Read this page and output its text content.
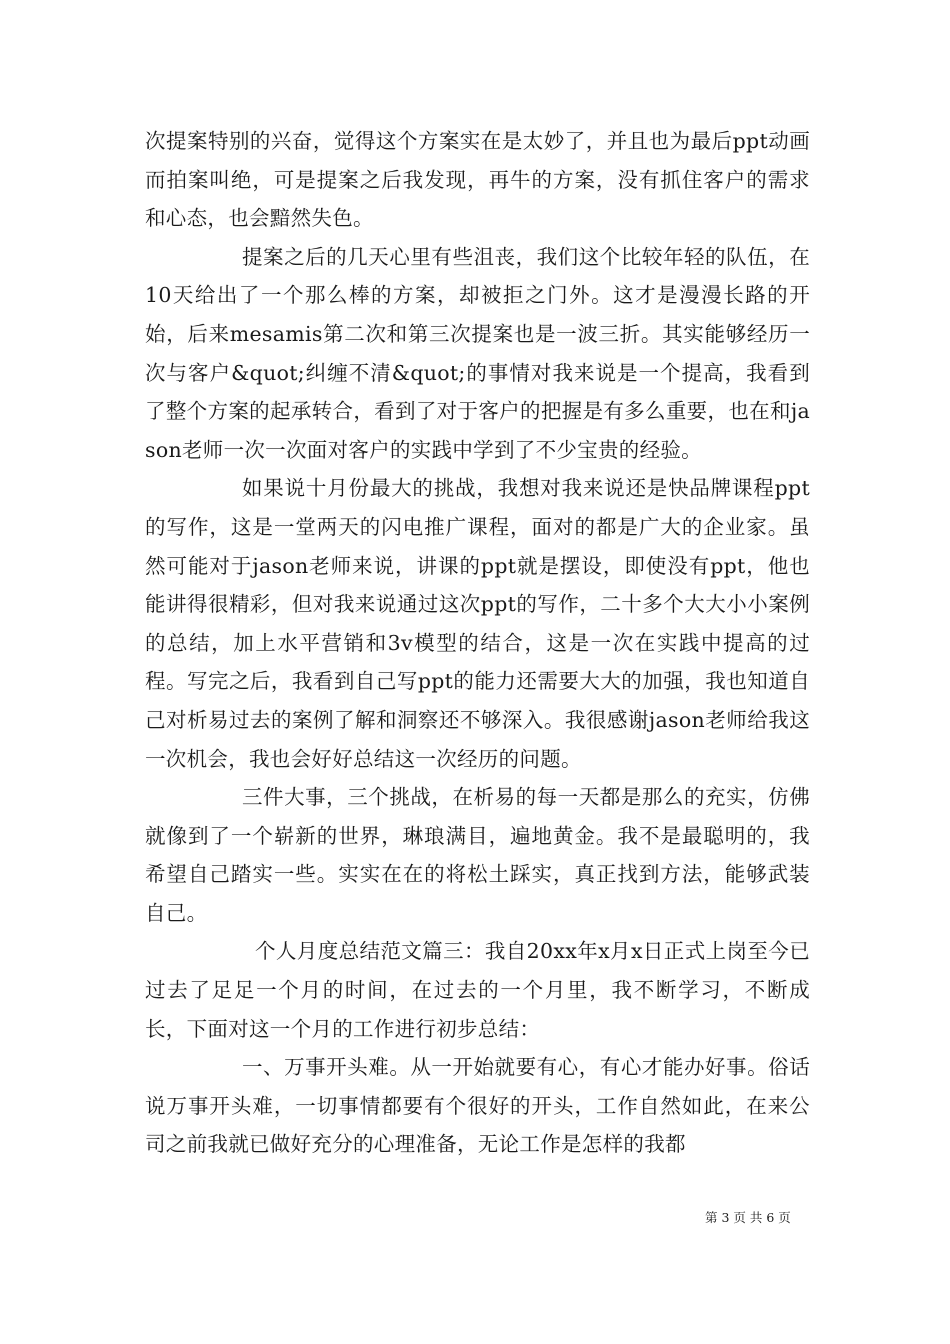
次提案特别的兴奋，觉得这个方案实在是太妙了，并且也为最后ppt动画而拍案叫绝，可是提案之后我发现，再牛的方案，没有抓住客户的需求和心态，也会黯然失色。

提案之后的几天心里有些沮丧，我们这个比较年轻的队伍，在10天给出了一个那么棒的方案，却被拒之门外。这才是漫漫长路的开始，后来mesamis第二次和第三次提案也是一波三折。其实能够经历一次与客户&quot;纠缠不清&quot;的事情对我来说是一个提高，我看到了整个方案的起承转合，看到了对于客户的把握是有多么重要，也在和jason老师一次一次面对客户的实践中学到了不少宝贵的经验。

如果说十月份最大的挑战，我想对我来说还是快品牌课程ppt的写作，这是一堂两天的闪电推广课程，面对的都是广大的企业家。虽然可能对于jason老师来说，讲课的ppt就是摆设，即使没有ppt，他也能讲得很精彩，但对我来说通过这次ppt的写作，二十多个大大小小案例的总结，加上水平营销和3v模型的结合，这是一次在实践中提高的过程。写完之后，我看到自己写ppt的能力还需要大大的加强，我也知道自己对析易过去的案例了解和洞察还不够深入。我很感谢jason老师给我这一次机会，我也会好好总结这一次经历的问题。

三件大事，三个挑战，在析易的每一天都是那么的充实，仿佛就像到了一个崭新的世界，琳琅满目，遍地黄金。我不是最聪明的，我希望自己踏实一些。实实在在的将松土踩实，真正找到方法，能够武装自己。

个人月度总结范文篇三：我自20xx年x月x日正式上岗至今已过去了足足一个月的时间，在过去的一个月里，我不断学习，不断成长，下面对这一个月的工作进行初步总结：

一、万事开头难。从一开始就要有心，有心才能办好事。俗话说万事开头难，一切事情都要有个很好的开头，工作自然如此，在来公司之前我就已做好充分的心理准备，无论工作是怎样的我都

第 3 页 共 6 页
